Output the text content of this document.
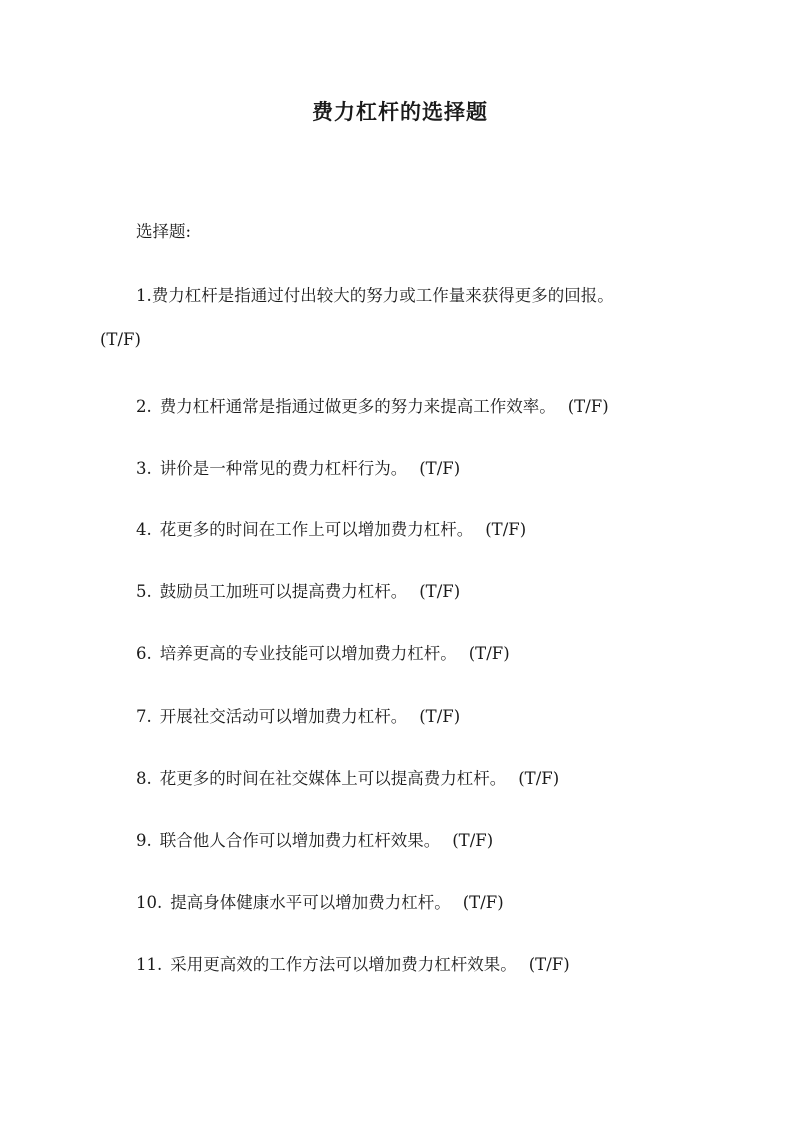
费力杠杆的选择题

选择题:

1.费力杠杆是指通过付出较大的努力或工作量来获得更多的回报。
(T/F)
2. 费力杠杆通常是指通过做更多的努力来提高工作效率。 (T/F)
3. 讲价是一种常见的费力杠杆行为。 (T/F)
4. 花更多的时间在工作上可以增加费力杠杆。 (T/F)
5. 鼓励员工加班可以提高费力杠杆。 (T/F)
6. 培养更高的专业技能可以增加费力杠杆。 (T/F)
7. 开展社交活动可以增加费力杠杆。 (T/F)
8. 花更多的时间在社交媒体上可以提高费力杠杆。 (T/F)
9. 联合他人合作可以增加费力杠杆效果。 (T/F)
10. 提高身体健康水平可以增加费力杠杆。 (T/F)
11. 采用更高效的工作方法可以增加费力杠杆效果。 (T/F)
